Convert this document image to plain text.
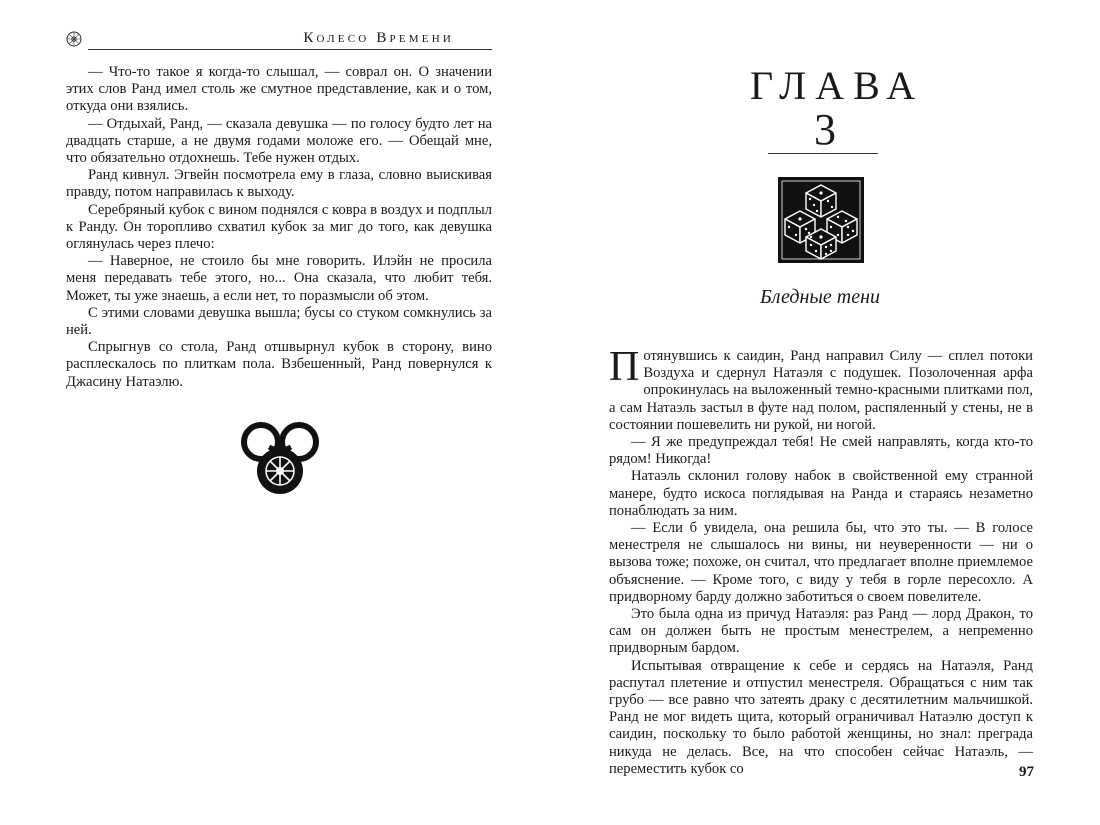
Колесо Времени

— Что-то такое я когда-то слышал, — соврал он. О значении этих слов Ранд имел столь же смутное представление, как и о том, откуда они взялись.

— Отдыхай, Ранд, — сказала девушка — по голосу будто лет на двадцать старше, а не двумя годами моложе его. — Обещай мне, что обязательно отдохнешь. Тебе нужен отдых.

Ранд кивнул. Эгвейн посмотрела ему в глаза, словно выискивая правду, потом направилась к выходу.

Серебряный кубок с вином поднялся с ковра в воздух и подплыл к Ранду. Он торопливо схватил кубок за миг до того, как девушка оглянулась через плечо:

— Наверное, не стоило бы мне говорить. Илэйн не просила меня передавать тебе этого, но... Она сказала, что любит тебя. Может, ты уже знаешь, а если нет, то поразмысли об этом.

С этими словами девушка вышла; бусы со стуком сомкнулись за ней.

Спрыгнув со стола, Ранд отшвырнул кубок в сторону, вино расплескалось по плиткам пола. Взбешенный, Ранд повернулся к Джасину Натаэлю.

ГЛАВА
3
Бледные тени

Потянувшись к саидин, Ранд направил Силу — сплел потоки Воздуха и сдернул Натаэля с подушек. Позолоченная арфа опрокинулась на выложенный темно-красными плитками пол, а сам Натаэль застыл в футе над полом, распяленный у стены, не в состоянии пошевелить ни рукой, ни ногой.

— Я же предупреждал тебя! Не смей направлять, когда кто-то рядом! Никогда!

Натаэль склонил голову набок в свойственной ему странной манере, будто искоса поглядывая на Ранда и стараясь незаметно понаблюдать за ним.

— Если б увидела, она решила бы, что это ты. — В голосе менестреля не слышалось ни вины, ни неуверенности — ни о вызова тоже; похоже, он считал, что предлагает вполне приемлемое объяснение. — Кроме того, с виду у тебя в горле пересохло. А придворному барду должно заботиться о своем повелителе.

Это была одна из причуд Натаэля: раз Ранд — лорд Дракон, то сам он должен быть не простым менестрелем, а непременно придворным бардом.

Испытывая отвращение к себе и сердясь на Натаэля, Ранд распутал плетение и отпустил менестреля. Обращаться с ним так грубо — все равно что затеять драку с десятилетним мальчишкой. Ранд не мог видеть щита, который ограничивал Натаэлю доступ к саидин, поскольку то было работой женщины, но знал: преграда никуда не делась. Все, на что способен сейчас Натаэль, — переместить кубок со	97
